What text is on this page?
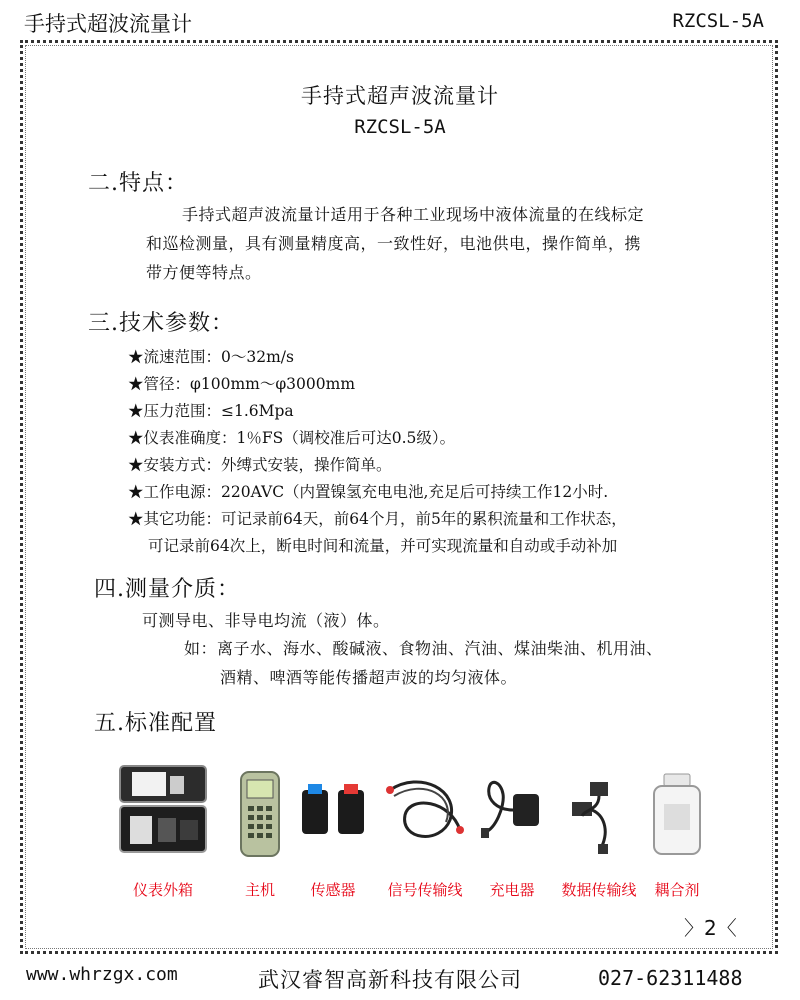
手持式超波流量计	RZCSL-5A
手持式超声波流量计
RZCSL-5A
二.特点：
手持式超声波流量计适用于各种工业现场中液体流量的在线标定
和巡检测量，具有测量精度高，一致性好，电池供电，操作简单，携
带方便等特点。
三.技术参数：
★流速范围：0～32m/s
★管径：φ100mm～φ3000mm
★压力范围：≤1.6Mpa
★仪表准确度：1％FS（调校准后可达0.5级）。
★安装方式：外缚式安装，操作简单。
★工作电源：220AVC（内置镍氢充电电池,充足后可持续工作12小时.
★其它功能：可记录前64天，前64个月，前5年的累积流量和工作状态，
可记录前64次上，断电时间和流量，并可实现流量和自动或手动补加
四.测量介质：
可测导电、非导电均流（液）体。
如：离子水、海水、酸碱液、食物油、汽油、煤油柴油、机用油、
酒精、啤酒等能传播超声波的均匀液体。
五.标准配置
仪表外箱	主机	传感器	信号传输线	充电器	数据传输线	耦合剂
〉2〈
www.whrzgx.com	武汉睿智高新科技有限公司	027-62311488
